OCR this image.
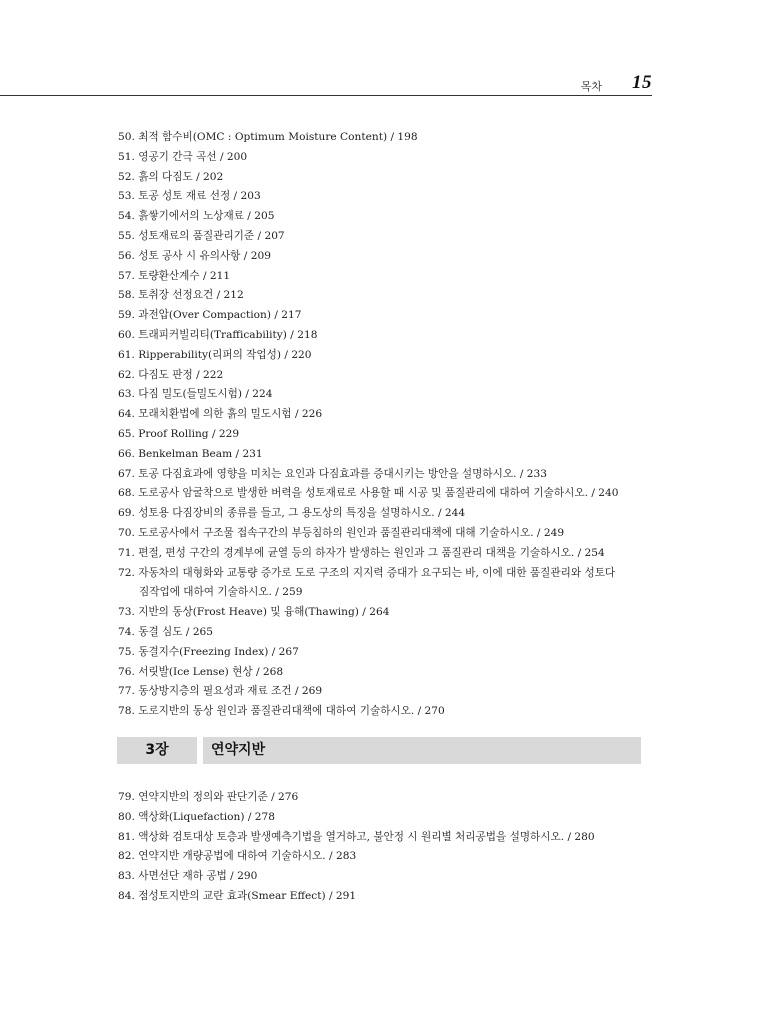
목차 15
50. 최적 함수비(OMC : Optimum Moisture Content) / 198
51. 영공기 간극 곡선 / 200
52. 흙의 다짐도 / 202
53. 토공 성토 재료 선정 / 203
54. 흙쌓기에서의 노상재료 / 205
55. 성토재료의 품질관리기준 / 207
56. 성토 공사 시 유의사항 / 209
57. 토량환산계수 / 211
58. 토취장 선정요건 / 212
59. 과전압(Over Compaction) / 217
60. 트래피커빌리티(Trafficability) / 218
61. Ripperability(리퍼의 작업성) / 220
62. 다짐도 판정 / 222
63. 다짐 밀도(들밀도시험) / 224
64. 모래치환법에 의한 흙의 밀도시험 / 226
65. Proof Rolling / 229
66. Benkelman Beam / 231
67. 토공 다짐효과에 영향을 미치는 요인과 다짐효과를 증대시키는 방안을 설명하시오. / 233
68. 도로공사 암굴착으로 발생한 버력을 성토재료로 사용할 때 시공 및 품질관리에 대하여 기술하시오. / 240
69. 성토용 다짐장비의 종류를 들고, 그 용도상의 특징을 설명하시오. / 244
70. 도로공사에서 구조물 접속구간의 부등침하의 원인과 품질관리대책에 대해 기술하시오. / 249
71. 편절, 편성 구간의 경계부에 균열 등의 하자가 발생하는 원인과 그 품질관리 대책을 기술하시오. / 254
72. 자동차의 대형화와 교통량 증가로 도로 구조의 지지력 증대가 요구되는 바, 이에 대한 품질관리와 성토다
짐작업에 대하여 기술하시오. / 259
73. 지반의 동상(Frost Heave) 및 융해(Thawing) / 264
74. 동결 심도 / 265
75. 동결지수(Freezing Index) / 267
76. 서릿발(Ice Lense) 현상 / 268
77. 동상방지층의 필요성과 재료 조건 / 269
78. 도로지반의 동상 원인과 품질관리대책에 대하여 기술하시오. / 270
3장	연약지반
79. 연약지반의 정의와 판단기준 / 276
80. 액상화(Liquefaction) / 278
81. 액상화 검토대상 토층과 발생예측기법을 열거하고, 불안정 시 원리별 처리공법을 설명하시오. / 280
82. 연약지반 개량공법에 대하여 기술하시오. / 283
83. 사면선단 재하 공법 / 290
84. 점성토지반의 교란 효과(Smear Effect) / 291
